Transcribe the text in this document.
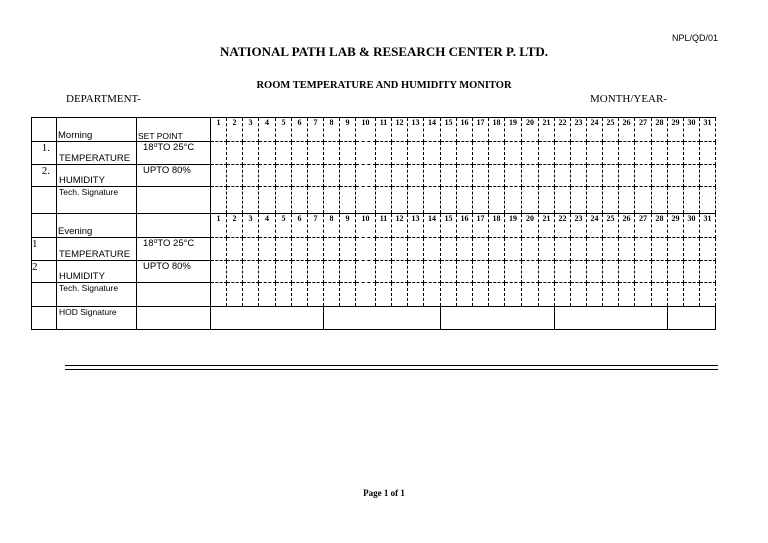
NPL/QD/01
NATIONAL PATH LAB & RESEARCH CENTER P. LTD.
ROOM TEMPERATURE AND HUMIDITY MONITOR
DEPARTMENT-	MONTH/YEAR-
	Morning	SET POINT	1	2	3	4	5	6	7	8	9	10	11	12	13	14	15	16	17	18	19	20	21	22	23	24	25	26	27	28	29	30	31
1.	TEMPERATURE	18⁰TO 25°C																															
2.	HUMIDITY	UPTO 80%																															
	Tech. Signature																																
	Evening		1	2	3	4	5	6	7	8	9	10	11	12	13	14	15	16	17	18	19	20	21	22	23	24	25	26	27	28	29	30	31
1	TEMPERATURE	18⁰TO 25°C																															
2	HUMIDITY	UPTO 80%																															
	Tech. Signature																																
	HOD Signature																																
Page 1 of 1
